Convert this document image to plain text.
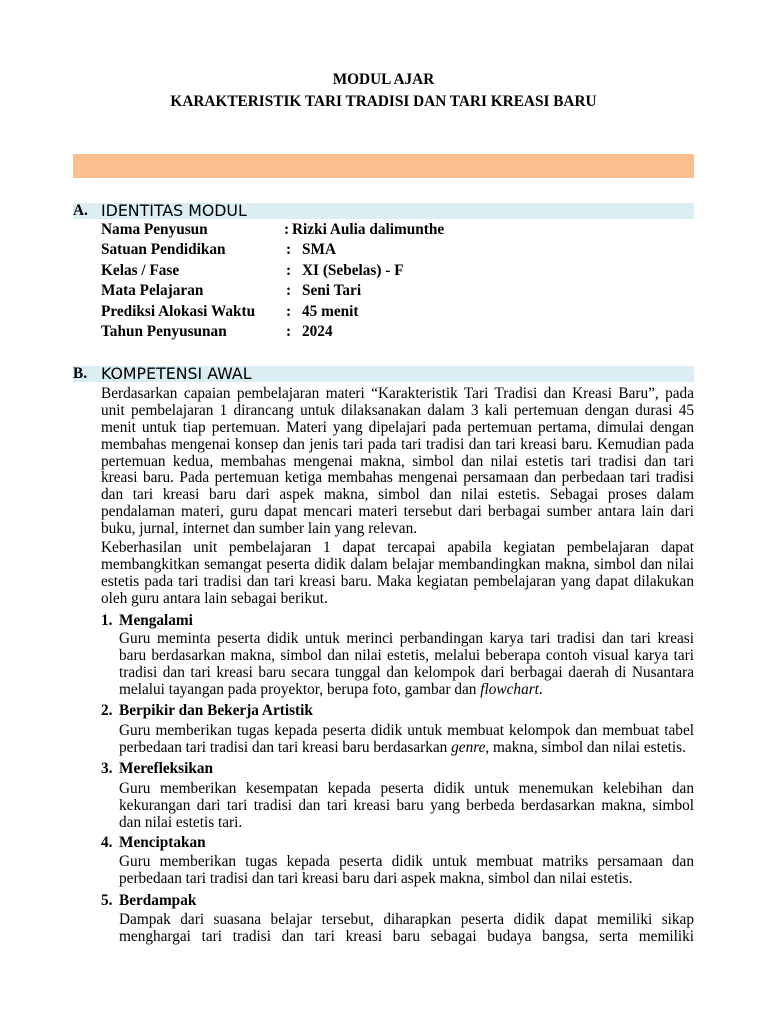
MODUL AJAR
KARAKTERISTIK TARI TRADISI DAN TARI KREASI BARU
A. IDENTITAS MODUL
Nama Penyusun	: Rizki Aulia dalimunthe
Satuan Pendidikan	: SMA
Kelas / Fase	: XI (Sebelas) - F
Mata Pelajaran	: Seni Tari
Prediksi Alokasi Waktu : 45 menit
Tahun Penyusunan	: 2024
B. KOMPETENSI AWAL
Berdasarkan capaian pembelajaran materi “Karakteristik Tari Tradisi dan Kreasi Baru”, pada
unit pembelajaran 1 dirancang untuk dilaksanakan dalam 3 kali pertemuan dengan durasi 45
menit untuk tiap pertemuan. Materi yang dipelajari pada pertemuan pertama, dimulai dengan
membahas mengenai konsep dan jenis tari pada tari tradisi dan tari kreasi baru. Kemudian pada
pertemuan kedua, membahas mengenai makna, simbol dan nilai estetis tari tradisi dan tari
kreasi baru. Pada pertemuan ketiga membahas mengenai persamaan dan perbedaan tari tradisi
dan tari kreasi baru dari aspek makna, simbol dan nilai estetis. Sebagai proses dalam
pendalaman materi, guru dapat mencari materi tersebut dari berbagai sumber antara lain dari
buku, jurnal, internet dan sumber lain yang relevan.
Keberhasilan unit pembelajaran 1 dapat tercapai apabila kegiatan pembelajaran dapat
membangkitkan semangat peserta didik dalam belajar membandingkan makna, simbol dan nilai
estetis pada tari tradisi dan tari kreasi baru. Maka kegiatan pembelajaran yang dapat dilakukan
oleh guru antara lain sebagai berikut.
1. Mengalami
Guru meminta peserta didik untuk merinci perbandingan karya tari tradisi dan tari kreasi
baru berdasarkan makna, simbol dan nilai estetis, melalui beberapa contoh visual karya tari
tradisi dan tari kreasi baru secara tunggal dan kelompok dari berbagai daerah di Nusantara
melalui tayangan pada proyektor, berupa foto, gambar dan flowchart.
2. Berpikir dan Bekerja Artistik
Guru memberikan tugas kepada peserta didik untuk membuat kelompok dan membuat tabel
perbedaan tari tradisi dan tari kreasi baru berdasarkan genre, makna, simbol dan nilai estetis.
3. Merefleksikan
Guru memberikan kesempatan kepada peserta didik untuk menemukan kelebihan dan
kekurangan dari tari tradisi dan tari kreasi baru yang berbeda berdasarkan makna, simbol
dan nilai estetis tari.
4. Menciptakan
Guru memberikan tugas kepada peserta didik untuk membuat matriks persamaan dan
perbedaan tari tradisi dan tari kreasi baru dari aspek makna, simbol dan nilai estetis.
5. Berdampak
Dampak dari suasana belajar tersebut, diharapkan peserta didik dapat memiliki sikap
menghargai tari tradisi dan tari kreasi baru sebagai budaya bangsa, serta memiliki
